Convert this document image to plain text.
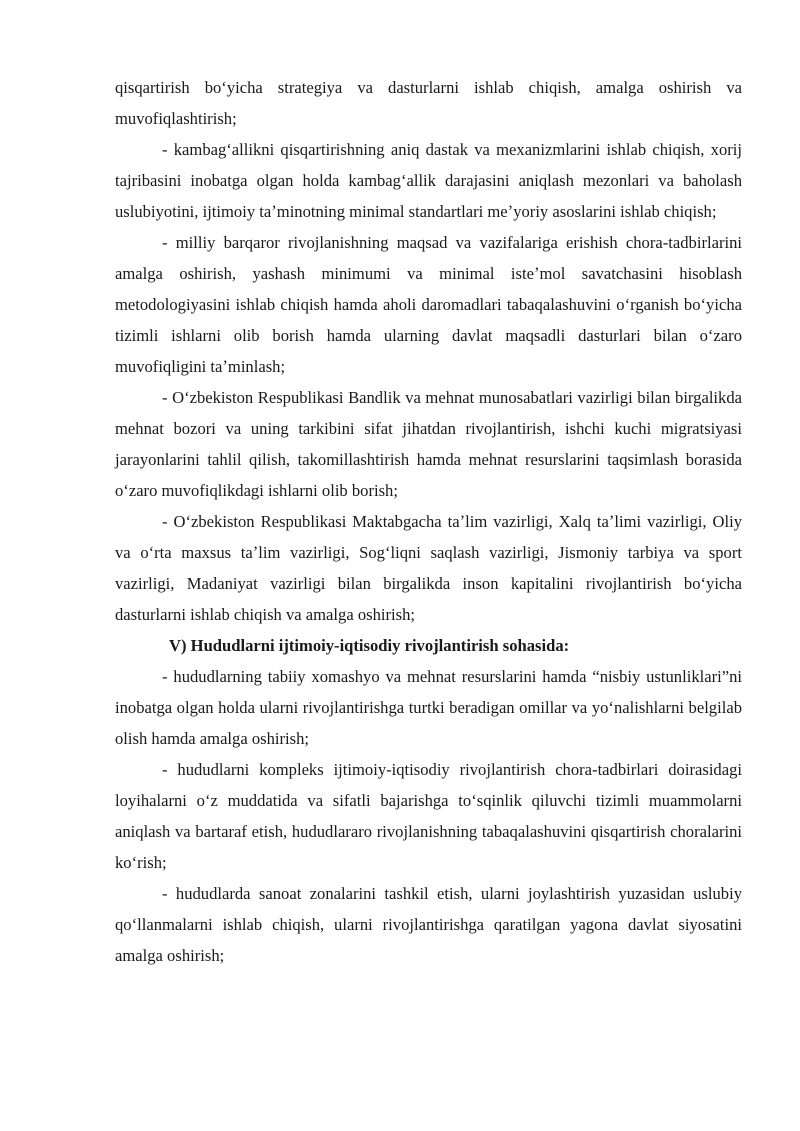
qisqartirish boʻyicha strategiya va dasturlarni ishlab chiqish, amalga oshirish va muvofiqlashtirish;

- kambagʻallikni qisqartirishning aniq dastak va mexanizmlarini ishlab chiqish, xorij tajribasini inobatga olgan holda kambagʻallik darajasini aniqlash mezonlari va baholash uslubiyotini, ijtimoiy taʼminotning minimal standartlari meʼyoriy asoslarini ishlab chiqish;

- milliy barqaror rivojlanishning maqsad va vazifalariga erishish chora-tadbirlarini amalga oshirish, yashash minimumi va minimal isteʼmol savatchasini hisoblash metodologiyasini ishlab chiqish hamda aholi daromadlari tabaqalashuvini oʻrganish boʻyicha tizimli ishlarni olib borish hamda ularning davlat maqsadli dasturlari bilan oʻzaro muvofiqligini taʼminlash;

- Oʻzbekiston Respublikasi Bandlik va mehnat munosabatlari vazirligi bilan birgalikda mehnat bozori va uning tarkibini sifat jihatdan rivojlantirish, ishchi kuchi migratsiyasi jarayonlarini tahlil qilish, takomillashtirish hamda mehnat resurslarini taqsimlash borasida oʻzaro muvofiqlikdagi ishlarni olib borish;

- Oʻzbekiston Respublikasi Maktabgacha taʼlim vazirligi, Xalq taʼlimi vazirligi, Oliy va oʻrta maxsus taʼlim vazirligi, Sogʻliqni saqlash vazirligi, Jismoniy tarbiya va sport vazirligi, Madaniyat vazirligi bilan birgalikda inson kapitalini rivojlantirish boʻyicha dasturlarni ishlab chiqish va amalga oshirish;

V) Hududlarni ijtimoiy-iqtisodiy rivojlantirish sohasida:

- hududlarning tabiiy xomashyo va mehnat resurslarini hamda “nisbiy ustunliklari”ni inobatga olgan holda ularni rivojlantirishga turtki beradigan omillar va yoʻnalishlarni belgilab olish hamda amalga oshirish;

- hududlarni kompleks ijtimoiy-iqtisodiy rivojlantirish chora-tadbirlari doirasidagi loyihalarni oʻz muddatida va sifatli bajarishga toʻsqinlik qiluvchi tizimli muammolarni aniqlash va bartaraf etish, hududlararo rivojlanishning tabaqalashuvini qisqartirish choralarini koʻrish;

- hududlarda sanoat zonalarini tashkil etish, ularni joylashtirish yuzasidan uslubiy qoʻllanmalarni ishlab chiqish, ularni rivojlantirishga qaratilgan yagona davlat siyosatini amalga oshirish;
